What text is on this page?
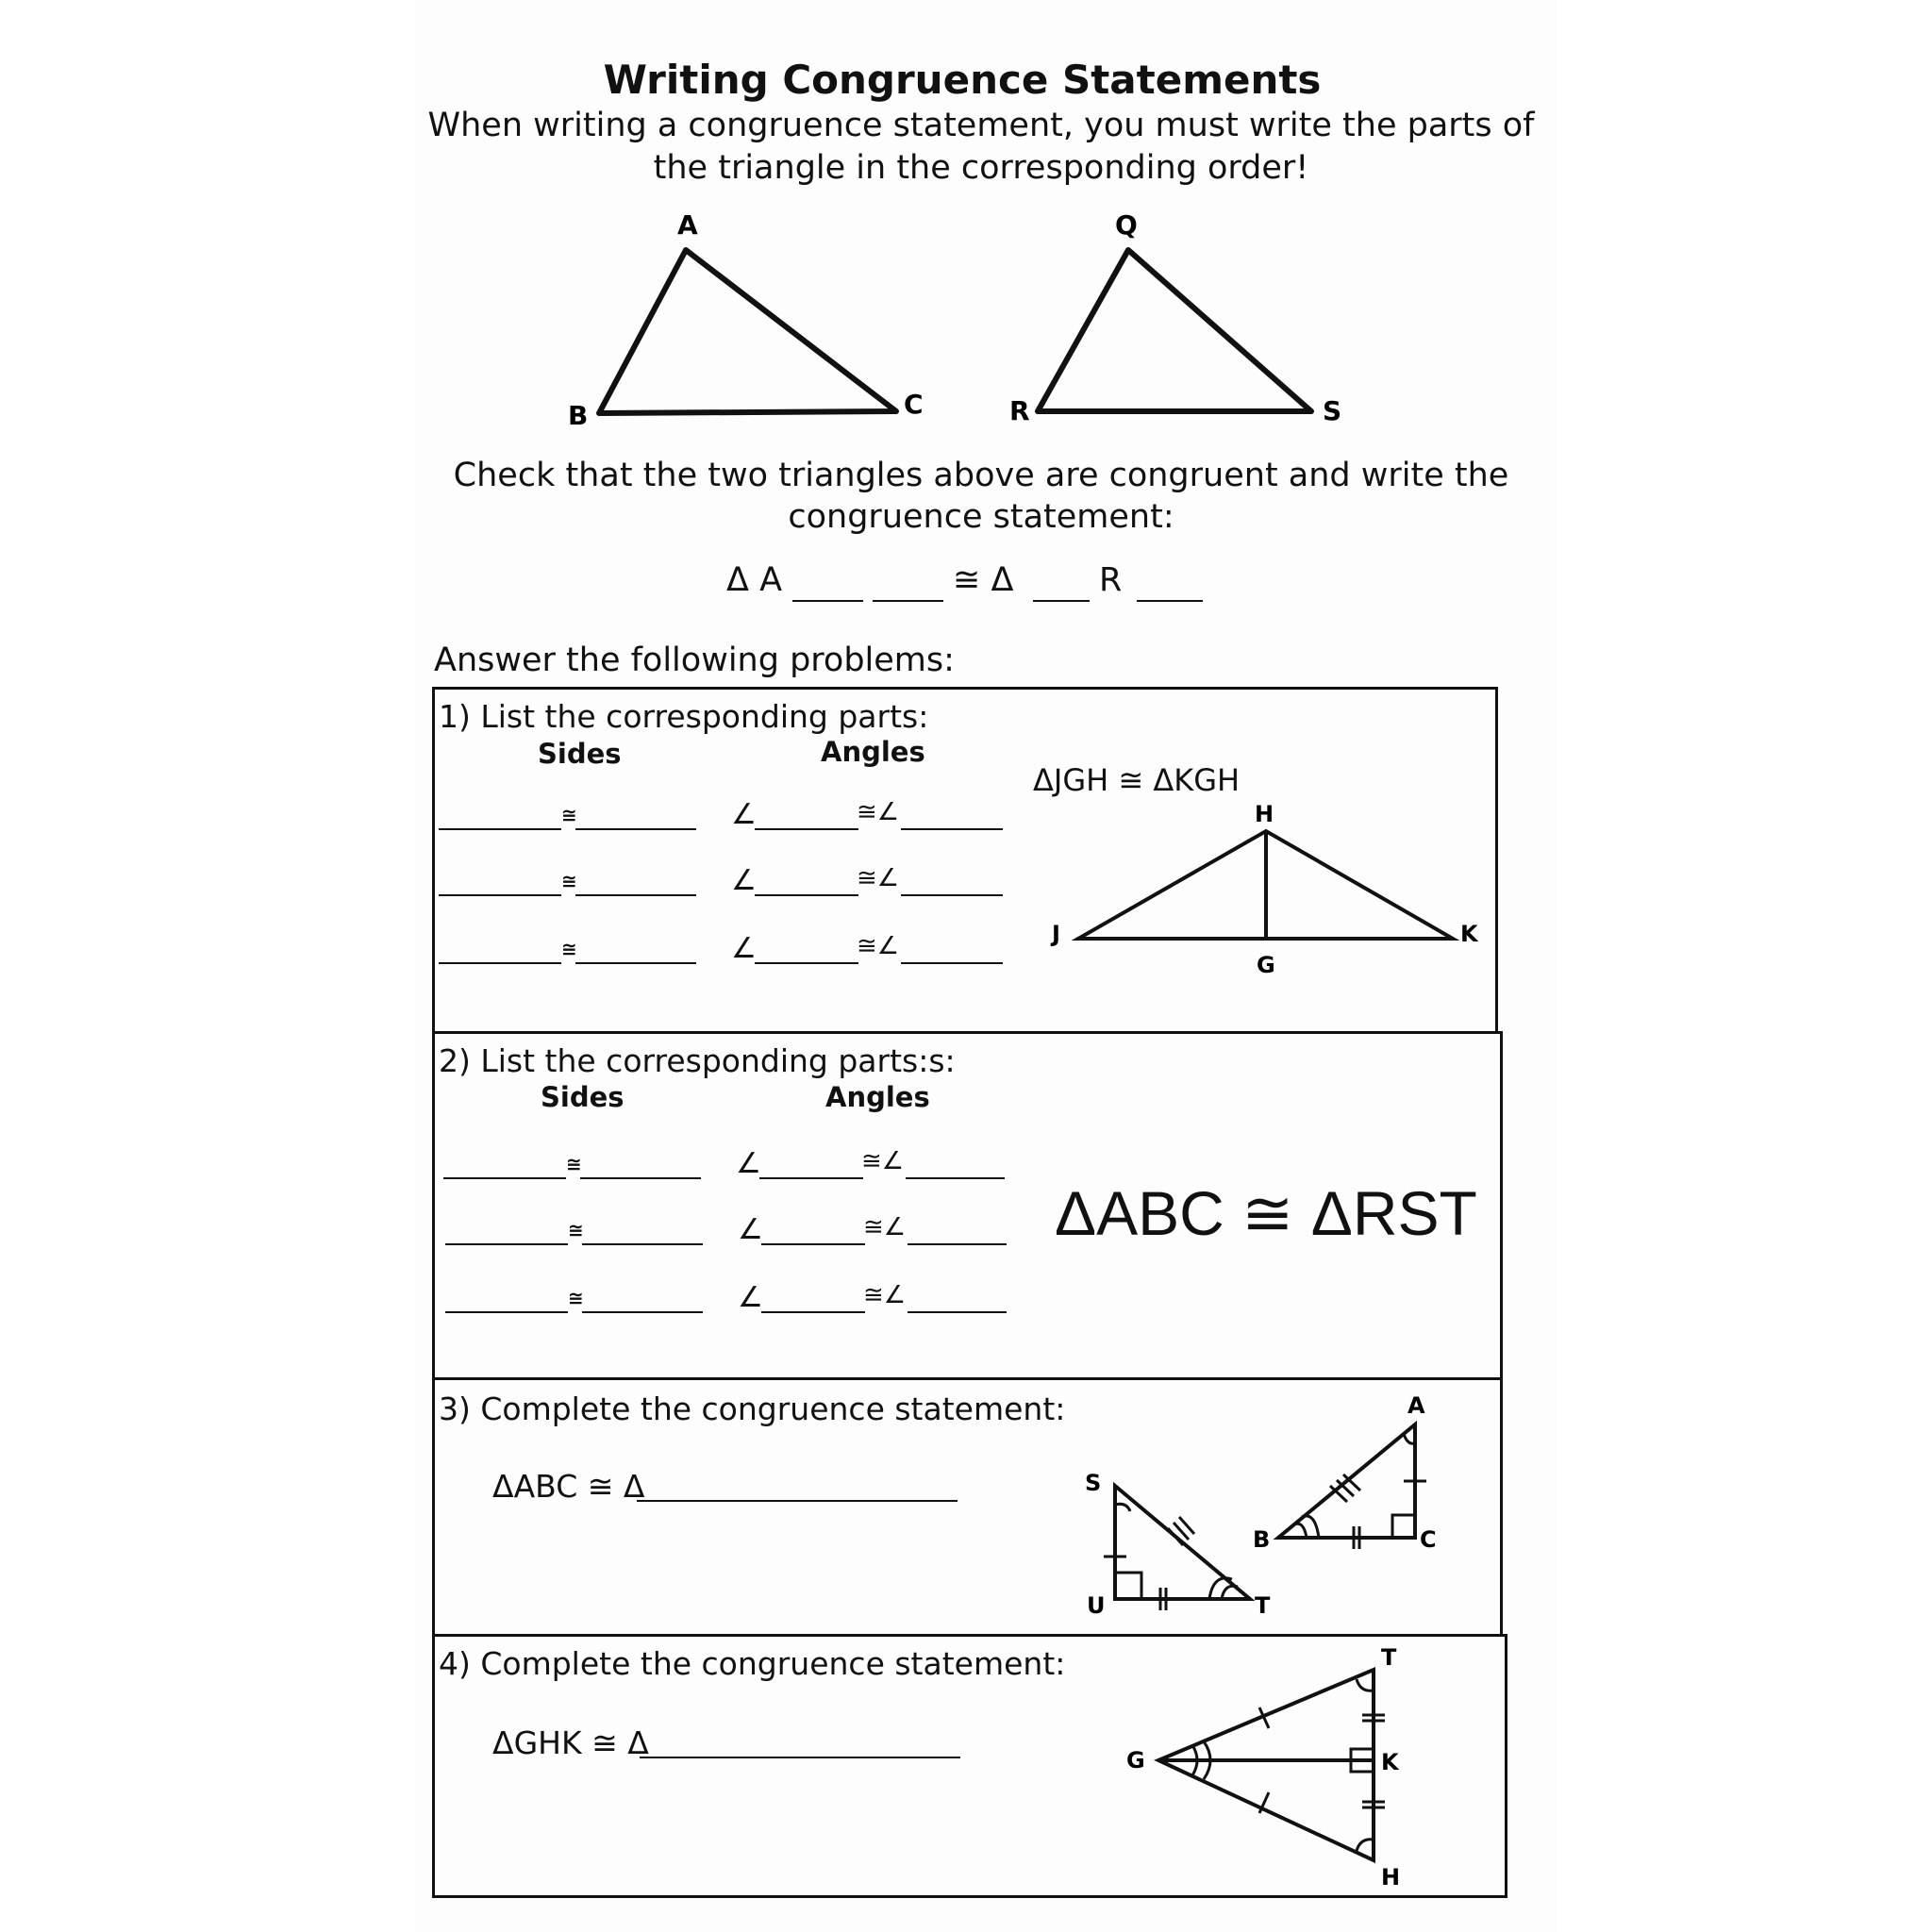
Writing Congruence Statements
When writing a congruence statement, you must write the parts of
the triangle in the corresponding order!
A
B	C
Q
R	S
Check that the two triangles above are congruent and write the
congruence statement:
Δ A	≅ Δ	R
Answer the following problems:
1) List the corresponding parts:
Sides	Angles
ΔJGH ≅ ΔKGH
≅	∠	≅∠
≅	∠	≅∠
≅	∠	≅∠
H
J
G
K
2) List the corresponding parts:s:
Sides	Angles
ΔABC ≅ ΔRST
≅	∠	≅∠
≅	∠	≅∠
≅	∠	≅∠
3) Complete the congruence statement:
ΔABC ≅ Δ
A
B	C
S
U	T
4) Complete the congruence statement:
ΔGHK ≅ Δ
T
G	K
H
